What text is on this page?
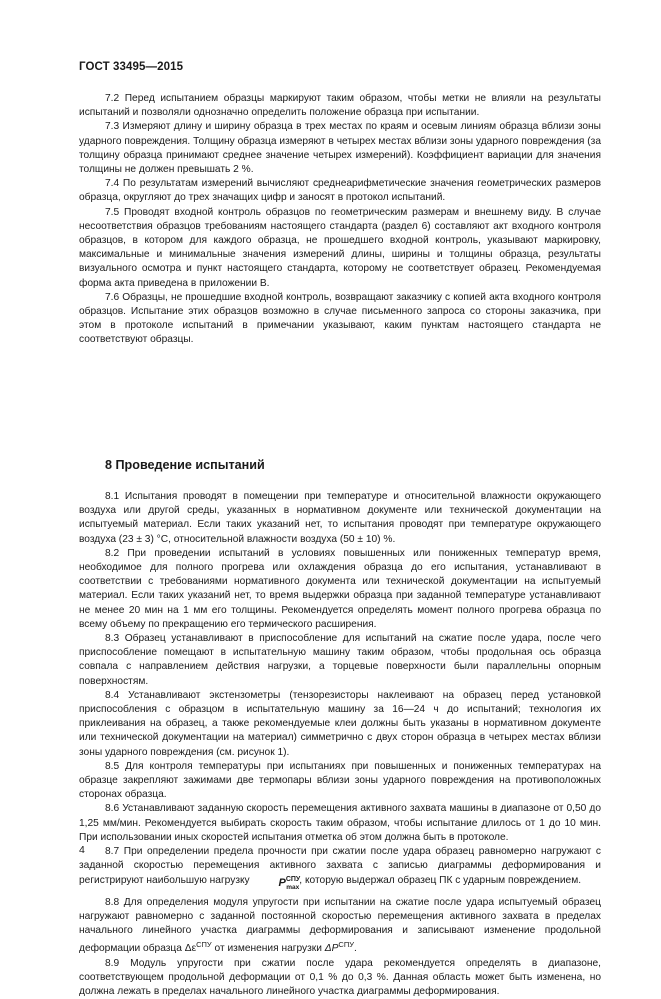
ГОСТ 33495—2015

7.2 Перед испытанием образцы маркируют таким образом, чтобы метки не влияли на результаты испытаний и позволяли однозначно определить положение образца при испытании.

7.3 Измеряют длину и ширину образца в трех местах по краям и осевым линиям образца вблизи зоны ударного повреждения. Толщину образца измеряют в четырех местах вблизи зоны ударного повреждения (за толщину образца принимают среднее значение четырех измерений). Коэффициент вариации для значения толщины не должен превышать 2 %.

7.4 По результатам измерений вычисляют среднеарифметические значения геометрических размеров образца, округляют до трех значащих цифр и заносят в протокол испытаний.

7.5 Проводят входной контроль образцов по геометрическим размерам и внешнему виду. В случае несоответствия образцов требованиям настоящего стандарта (раздел 6) составляют акт входного контроля образцов, в котором для каждого образца, не прошедшего входной контроль, указывают маркировку, максимальные и минимальные значения измерений длины, ширины и толщины образца, результаты визуального осмотра и пункт настоящего стандарта, которому не соответствует образец. Рекомендуемая форма акта приведена в приложении В.

7.6 Образцы, не прошедшие входной контроль, возвращают заказчику с копией акта входного контроля образцов. Испытание этих образцов возможно в случае письменного запроса со стороны заказчика, при этом в протоколе испытаний в примечании указывают, каким пунктам настоящего стандарта не соответствуют образцы.

8 Проведение испытаний

8.1 Испытания проводят в помещении при температуре и относительной влажности окружающего воздуха или другой среды, указанных в нормативном документе или технической документации на испытуемый материал. Если таких указаний нет, то испытания проводят при температуре окружающего воздуха (23 ± 3) °С, относительной влажности воздуха (50 ± 10) %.

8.2 При проведении испытаний в условиях повышенных или пониженных температур время, необходимое для полного прогрева или охлаждения образца до его испытания, устанавливают в соответствии с требованиями нормативного документа или технической документации на испытуемый материал. Если таких указаний нет, то время выдержки образца при заданной температуре устанавливают не менее 20 мин на 1 мм его толщины. Рекомендуется определять момент полного прогрева образца по всему объему по прекращению его термического расширения.

8.3 Образец устанавливают в приспособление для испытаний на сжатие после удара, после чего приспособление помещают в испытательную машину таким образом, чтобы продольная ось образца совпала с направлением действия нагрузки, а торцевые поверхности были параллельны опорным поверхностям.

8.4 Устанавливают экстензометры (тензорезисторы наклеивают на образец перед установкой приспособления с образцом в испытательную машину за 16—24 ч до испытаний; технология их приклеивания на образец, а также рекомендуемые клеи должны быть указаны в нормативном документе или технической документации на материал) симметрично с двух сторон образца в четырех местах вблизи зоны ударного повреждения (см. рисунок 1).

8.5 Для контроля температуры при испытаниях при повышенных и пониженных температурах на образце закрепляют зажимами две термопары вблизи зоны ударного повреждения на противоположных сторонах образца.

8.6 Устанавливают заданную скорость перемещения активного захвата машины в диапазоне от 0,50 до 1,25 мм/мин. Рекомендуется выбирать скорость таким образом, чтобы испытание длилось от 1 до 10 мин. При использовании иных скоростей испытания отметка об этом должна быть в протоколе.

8.7 При определении предела прочности при сжатии после удара образец равномерно нагружают с заданной скоростью перемещения активного захвата с записью диаграммы деформирования и регистрируют наибольшую нагрузку $P^{СПУ}_{max}$, которую выдержал образец ПК с ударным повреждением.

8.8 Для определения модуля упругости при испытании на сжатие после удара испытуемый образец нагружают равномерно с заданной постоянной скоростью перемещения активного захвата в пределах начального линейного участка диаграммы деформирования и записывают изменение продольной деформации образца $\Delta\varepsilon^{СПУ}$ от изменения нагрузки $\Delta P^{СПУ}$.

8.9 Модуль упругости при сжатии после удара рекомендуется определять в диапазоне, соответствующем продольной деформации от 0,1 % до 0,3 %. Данная область может быть изменена, но должна лежать в пределах начального линейного участка диаграммы деформирования.

4
